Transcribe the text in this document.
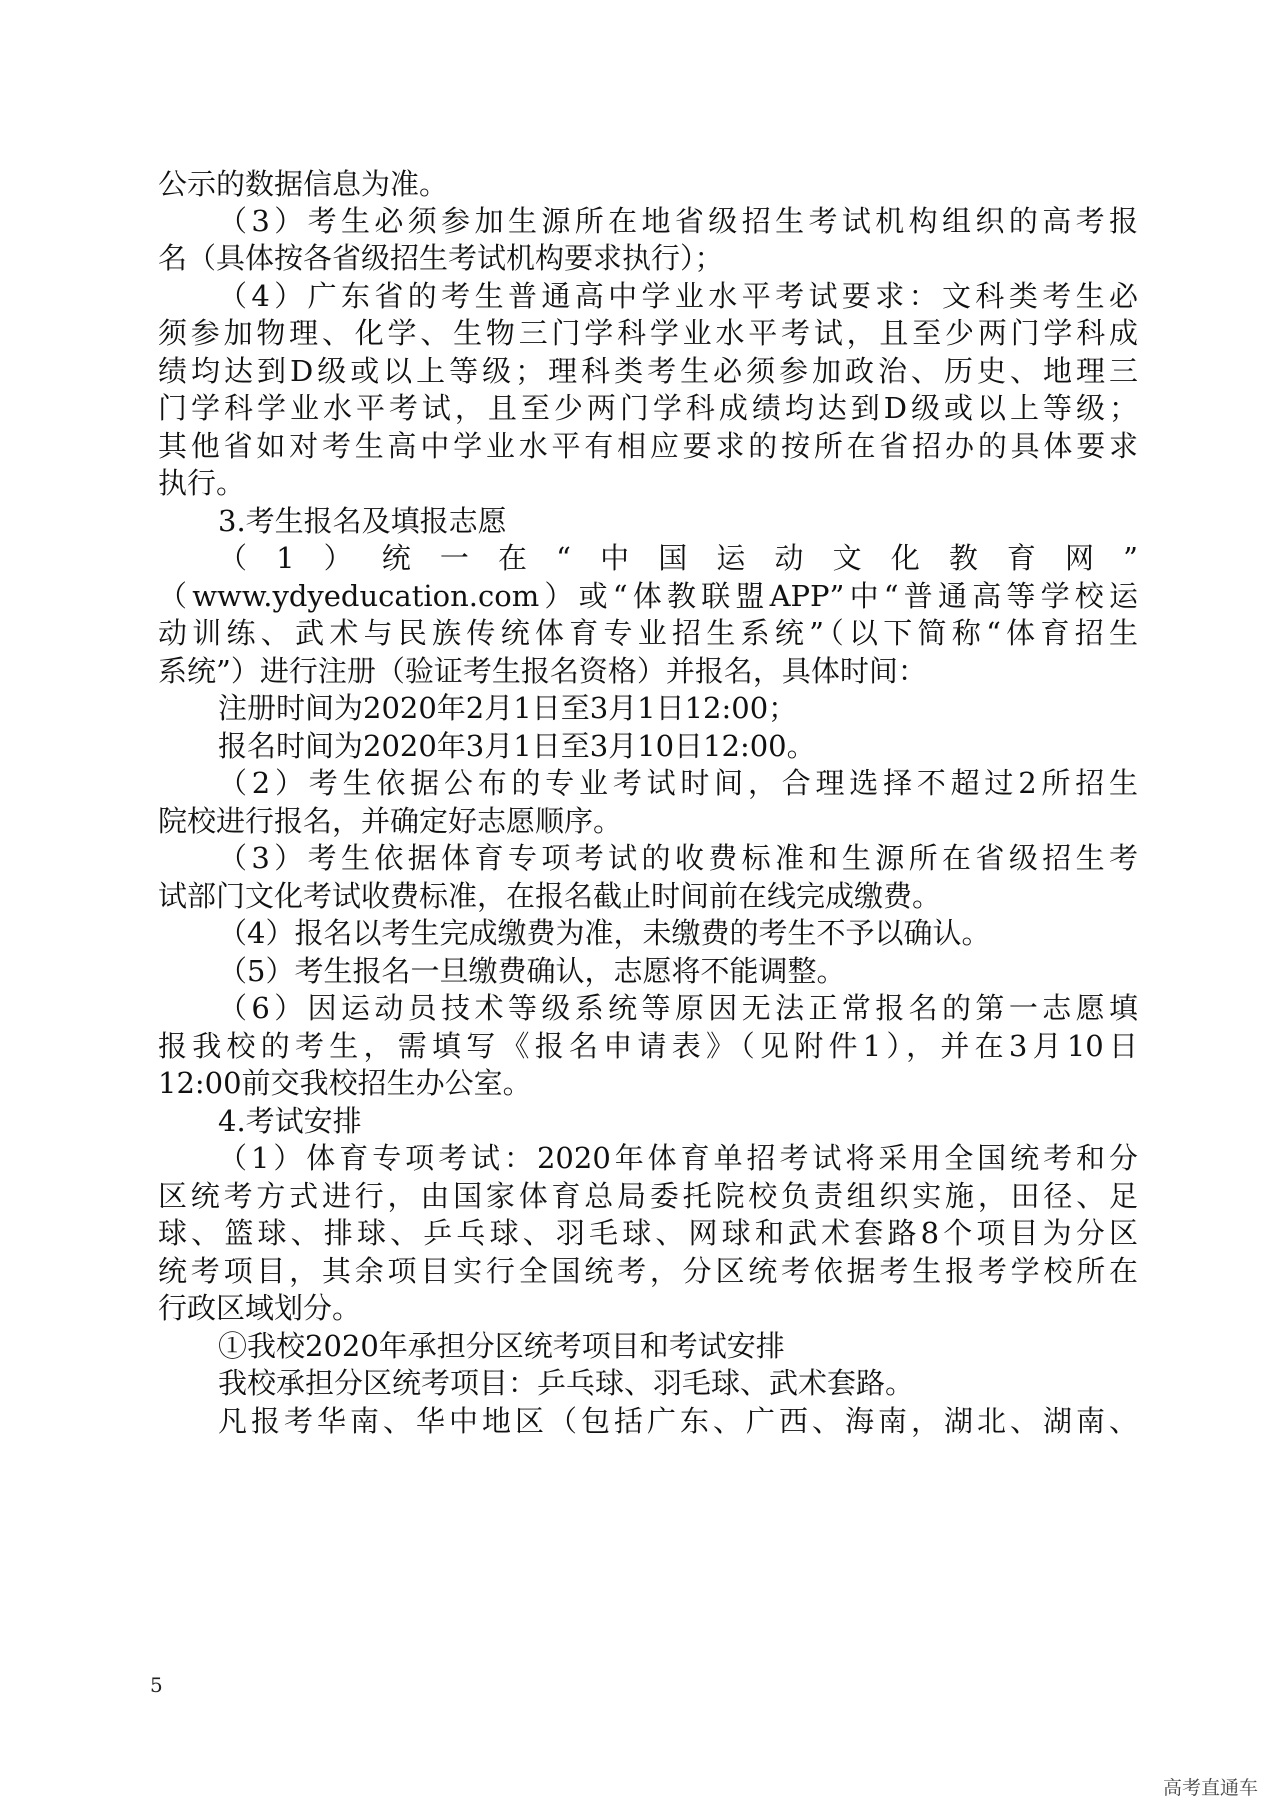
公示的数据信息为准。
（3）考生必须参加生源所在地省级招生考试机构组织的高考报
名（具体按各省级招生考试机构要求执行）；
（4）广东省的考生普通高中学业水平考试要求：文科类考生必
须参加物理、化学、生物三门学科学业水平考试，且至少两门学科成
绩均达到D级或以上等级；理科类考生必须参加政治、历史、地理三
门学科学业水平考试，且至少两门学科成绩均达到D级或以上等级；
其他省如对考生高中学业水平有相应要求的按所在省招办的具体要求
执行。
3.考生报名及填报志愿
（1）统一在“中国运动文化教育网”
（www.ydyeducation.com）或“体教联盟APP”中“普通高等学校运
动训练、武术与民族传统体育专业招生系统”（以下简称“体育招生
系统”）进行注册（验证考生报名资格）并报名，具体时间：
注册时间为2020年2月1日至3月1日12:00；
报名时间为2020年3月1日至3月10日12:00。
（2）考生依据公布的专业考试时间，合理选择不超过2所招生
院校进行报名，并确定好志愿顺序。
（3）考生依据体育专项考试的收费标准和生源所在省级招生考
试部门文化考试收费标准，在报名截止时间前在线完成缴费。
（4）报名以考生完成缴费为准，未缴费的考生不予以确认。
（5）考生报名一旦缴费确认，志愿将不能调整。
（6）因运动员技术等级系统等原因无法正常报名的第一志愿填
报我校的考生，需填写《报名申请表》（见附件1），并在3月10日
12:00前交我校招生办公室。
4.考试安排
（1）体育专项考试：2020年体育单招考试将采用全国统考和分
区统考方式进行，由国家体育总局委托院校负责组织实施，田径、足
球、篮球、排球、乒乓球、羽毛球、网球和武术套路8个项目为分区
统考项目，其余项目实行全国统考，分区统考依据考生报考学校所在
行政区域划分。
①我校2020年承担分区统考项目和考试安排
我校承担分区统考项目：乒乓球、羽毛球、武术套路。
凡报考华南、华中地区（包括广东、广西、海南，湖北、湖南、
5
高考直通车
